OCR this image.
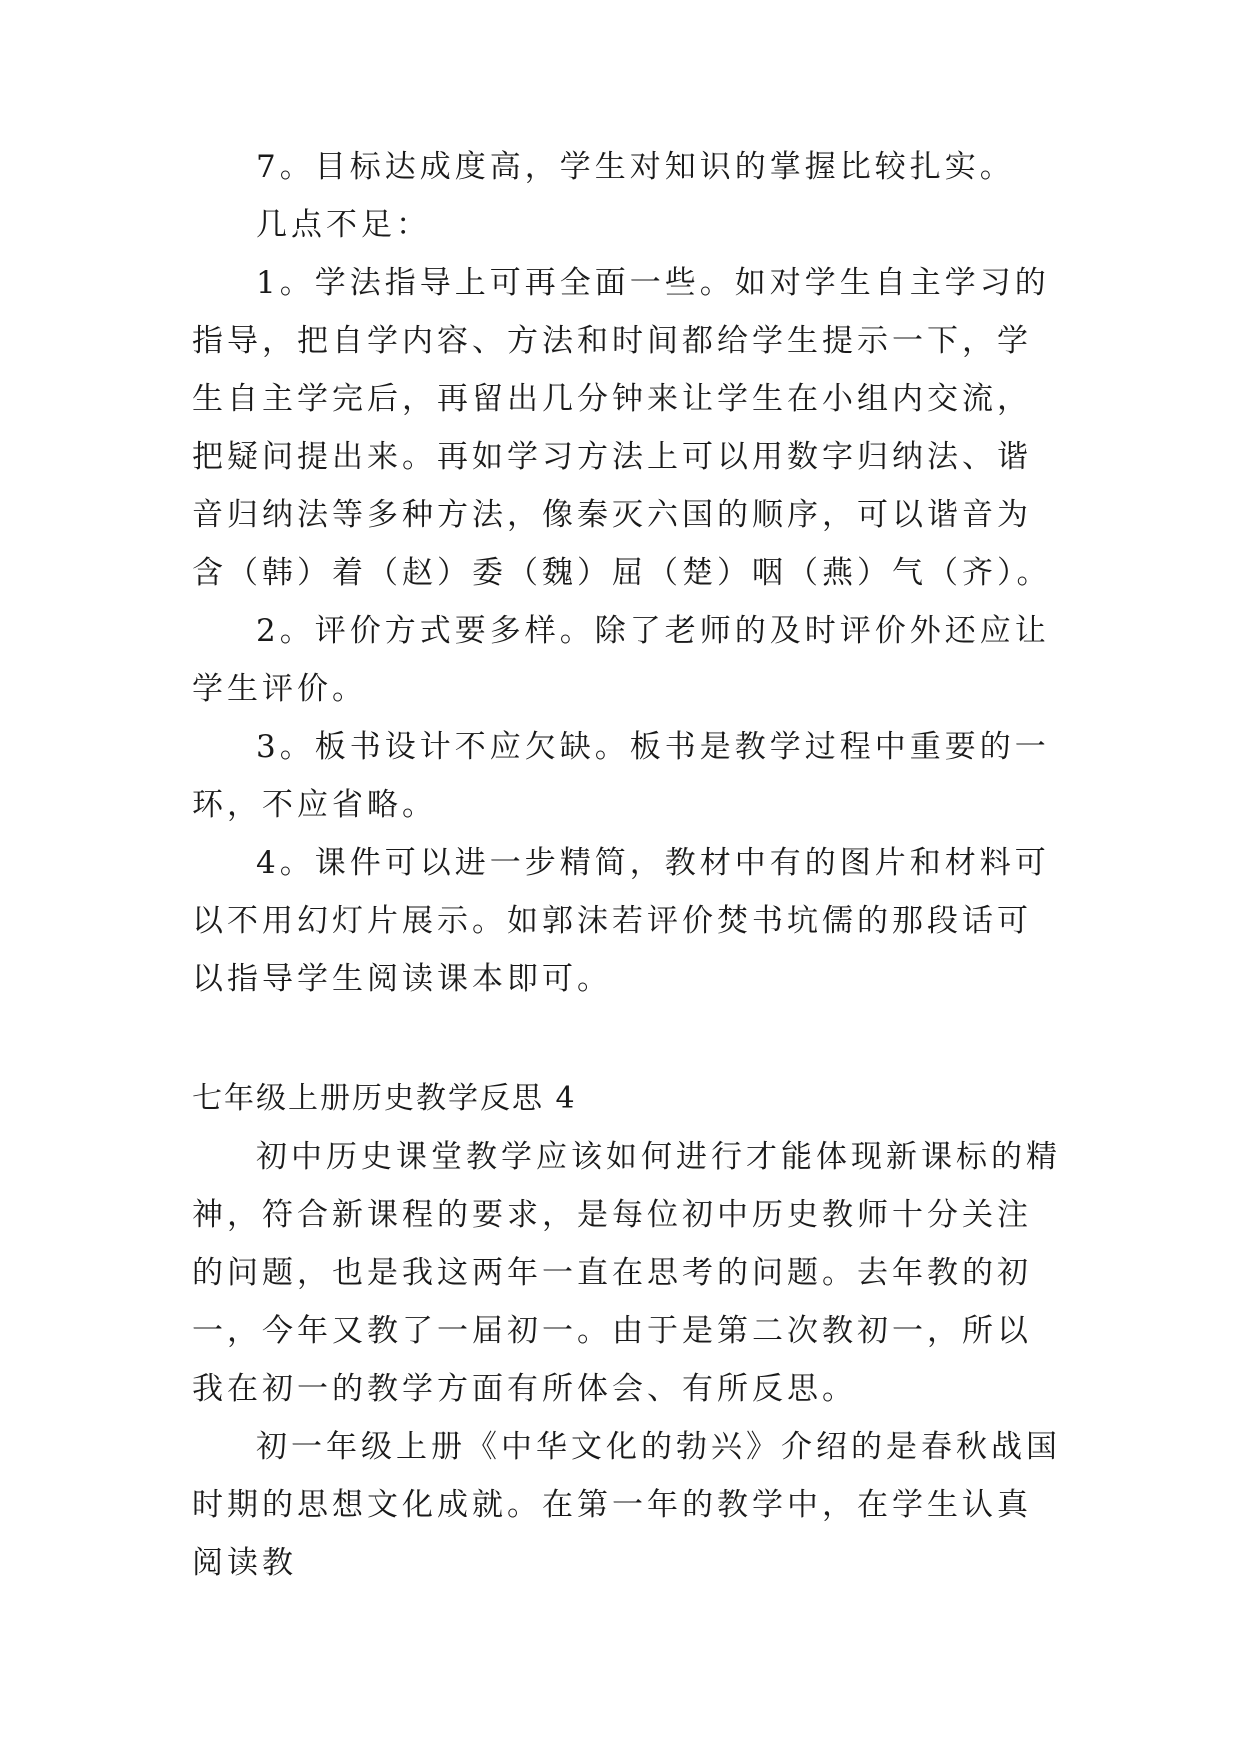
7。目标达成度高，学生对知识的掌握比较扎实。

几点不足：

1。学法指导上可再全面一些。如对学生自主学习的指导，把自学内容、方法和时间都给学生提示一下，学生自主学完后，再留出几分钟来让学生在小组内交流，把疑问提出来。再如学习方法上可以用数字归纳法、谐音归纳法等多种方法，像秦灭六国的顺序，可以谐音为含（韩）着（赵）委（魏）屈（楚）咽（燕）气（齐）。

2。评价方式要多样。除了老师的及时评价外还应让学生评价。

3。板书设计不应欠缺。板书是教学过程中重要的一环，不应省略。

4。课件可以进一步精简，教材中有的图片和材料可以不用幻灯片展示。如郭沫若评价焚书坑儒的那段话可以指导学生阅读课本即可。

七年级上册历史教学反思 4

初中历史课堂教学应该如何进行才能体现新课标的精神，符合新课程的要求，是每位初中历史教师十分关注的问题，也是我这两年一直在思考的问题。去年教的初一，今年又教了一届初一。由于是第二次教初一，所以我在初一的教学方面有所体会、有所反思。

初一年级上册《中华文化的勃兴》介绍的是春秋战国时期的思想文化成就。在第一年的教学中，在学生认真阅读教
